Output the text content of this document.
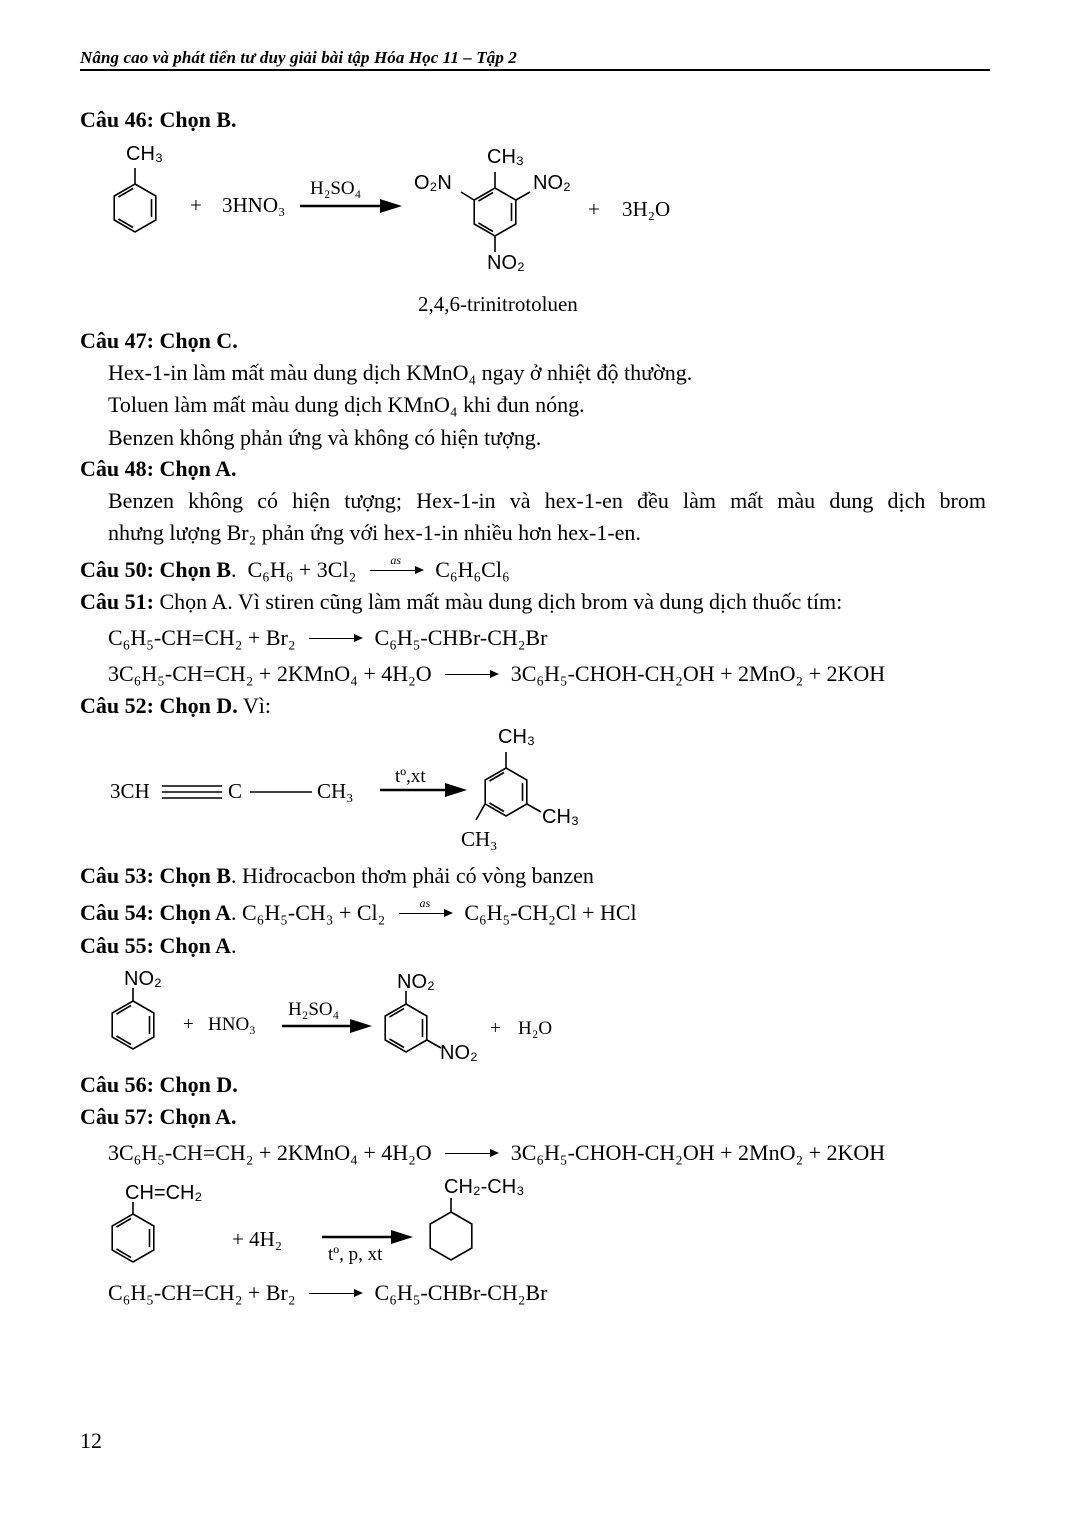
Nâng cao và phát tiển tư duy giải bài tập Hóa Học 11 – Tập 2
Câu 46: Chọn B.
CH₃
+ 3HNO₃
H₂SO₄
CH₃
O₂N	NO₂
NO₂
+ 3H₂O
2,4,6-trinitrotoluen
Câu 47: Chọn C.
Hex-1-in làm mất màu dung dịch KMnO₄ ngay ở nhiệt độ thường.
Toluen làm mất màu dung dịch KMnO₄ khi đun nóng.
Benzen không phản ứng và không có hiện tượng.
Câu 48: Chọn A.
Benzen không có hiện tượng; Hex-1-in và hex-1-en đều làm mất màu dung dịch brom
nhưng lượng Br₂ phản ứng với hex-1-in nhiều hơn hex-1-en.
Câu 50: Chọn B. C₆H₆ + 3Cl₂	as	C₆H₆Cl₆
Câu 51: Chọn A. Vì stiren cũng làm mất màu dung dịch brom và dung dịch thuốc tím:
C₆H₅-CH=CH₂ + Br₂ → C₆H₅-CHBr-CH₂Br
3C₆H₅-CH=CH₂ + 2KMnO₄ + 4H₂O → 3C₆H₅-CHOH-CH₂OH + 2MnO₂ + 2KOH
Câu 52: Chọn D. Vì:
3CH	C	CH₃
tº,xt
CH₃
CH₃
CH₃
Câu 53: Chọn B. Hiđrocacbon thơm phải có vòng banzen
Câu 54: Chọn A. C₆H₅-CH₃ + Cl₂	as	C₆H₅-CH₂Cl + HCl
Câu 55: Chọn A.
NO₂
+ HNO₃
H₂SO₄
NO₂
NO₂
+ H₂O
Câu 56: Chọn D.
Câu 57: Chọn A.
3C₆H₅-CH=CH₂ + 2KMnO₄ + 4H₂O → 3C₆H₅-CHOH-CH₂OH + 2MnO₂ + 2KOH
CH=CH₂
+ 4H₂
tº, p, xt
CH₂-CH₃
C₆H₅-CH=CH₂ + Br₂ → C₆H₅-CHBr-CH₂Br
12
